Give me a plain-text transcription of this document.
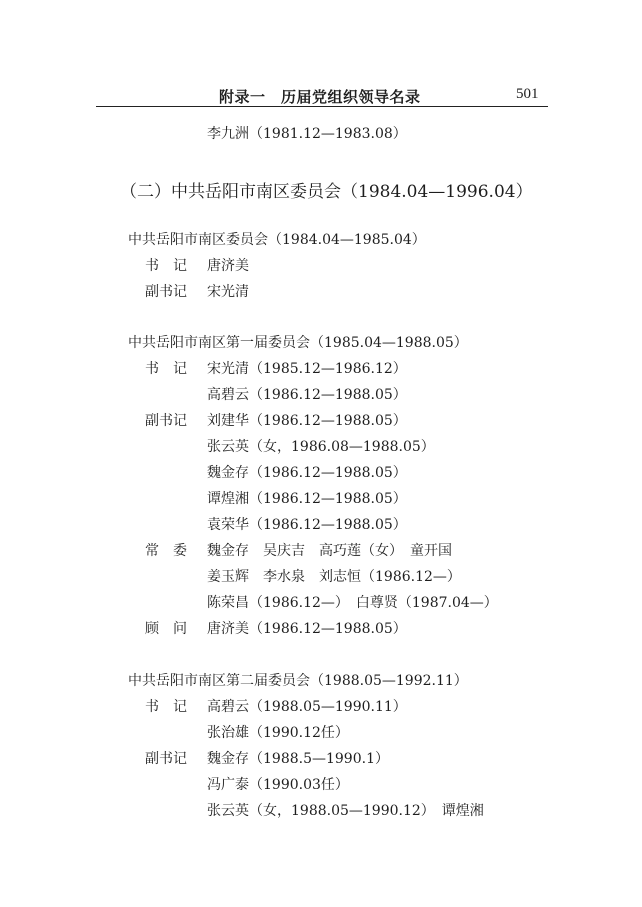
附录一　历届党组织领导名录	501
李九洲（1981.12—1983.08）
（二）中共岳阳市南区委员会（1984.04—1996.04）
中共岳阳市南区委员会（1984.04—1985.04）
书　记 唐济美
副书记 宋光清
中共岳阳市南区第一届委员会（1985.04—1988.05）
书　记 宋光清（1985.12—1986.12）
高碧云（1986.12—1988.05）
副书记 刘建华（1986.12—1988.05）
张云英（女，1986.08—1988.05）
魏金存（1986.12—1988.05）
谭煌湘（1986.12—1988.05）
袁荣华（1986.12—1988.05）
常　委 魏金存　吴庆吉　高巧莲（女）　童开国
姜玉辉　李水泉　刘志恒（1986.12—）
陈荣昌（1986.12—）　白尊贤（1987.04—）
顾　问 唐济美（1986.12—1988.05）
中共岳阳市南区第二届委员会（1988.05—1992.11）
书　记 高碧云（1988.05—1990.11）
张治雄（1990.12任）
副书记 魏金存（1988.5—1990.1）
冯广泰（1990.03任）
张云英（女，1988.05—1990.12）　谭煌湘
